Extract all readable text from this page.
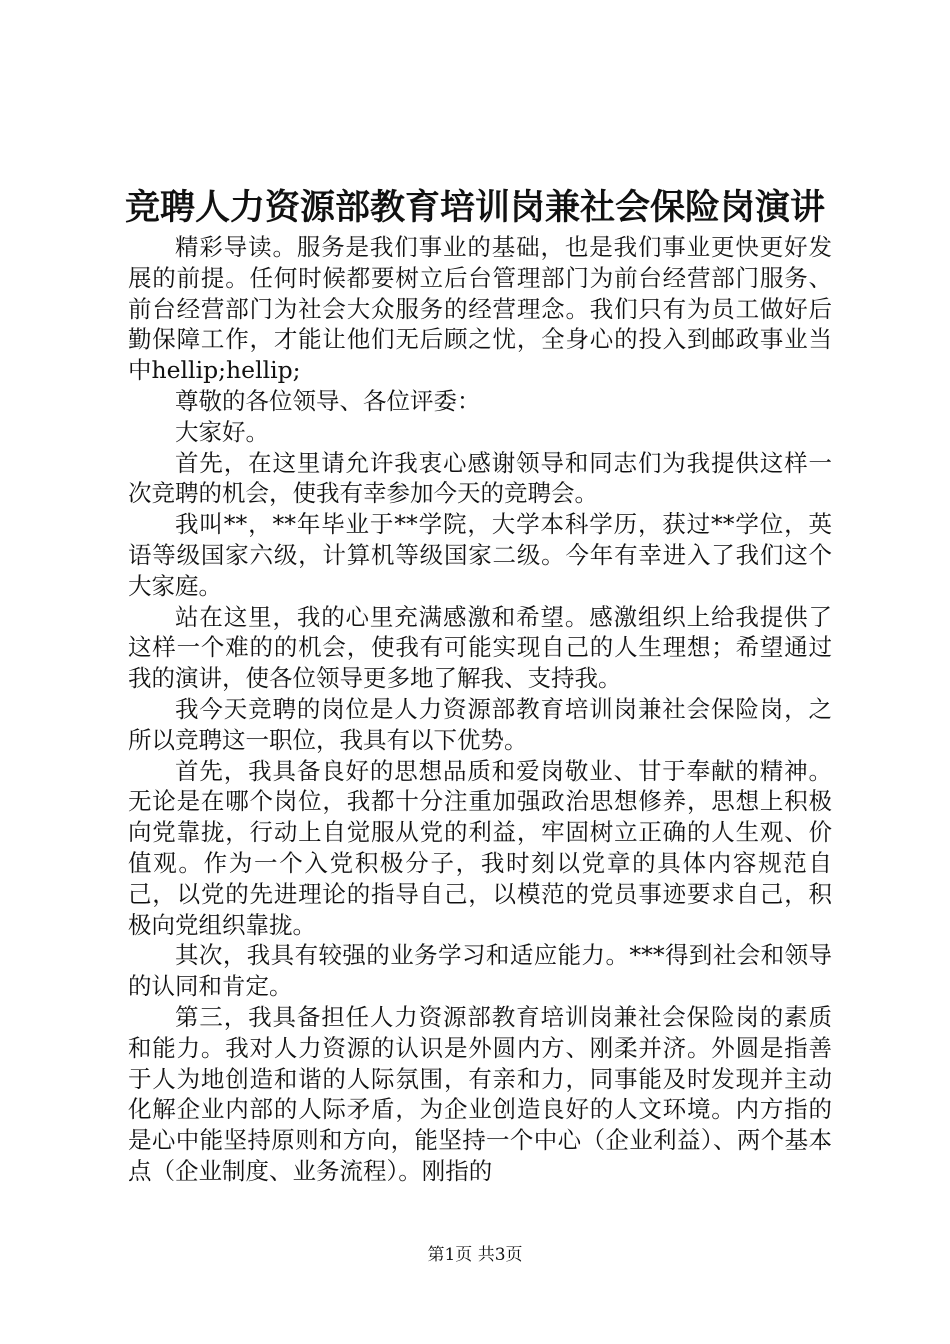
竞聘人力资源部教育培训岗兼社会保险岗演讲

精彩导读。服务是我们事业的基础，也是我们事业更快更好发展的前提。任何时候都要树立后台管理部门为前台经营部门服务、前台经营部门为社会大众服务的经营理念。我们只有为员工做好后勤保障工作，才能让他们无后顾之忧，全身心的投入到邮政事业当中hellip;hellip;

尊敬的各位领导、各位评委：

大家好。

首先，在这里请允许我衷心感谢领导和同志们为我提供这样一次竞聘的机会，使我有幸参加今天的竞聘会。

我叫**，**年毕业于**学院，大学本科学历，获过**学位，英语等级国家六级，计算机等级国家二级。今年有幸进入了我们这个大家庭。

站在这里，我的心里充满感激和希望。感激组织上给我提供了这样一个难的的机会，使我有可能实现自己的人生理想；希望通过我的演讲，使各位领导更多地了解我、支持我。

我今天竞聘的岗位是人力资源部教育培训岗兼社会保险岗，之所以竞聘这一职位，我具有以下优势。

首先，我具备良好的思想品质和爱岗敬业、甘于奉献的精神。无论是在哪个岗位，我都十分注重加强政治思想修养，思想上积极向党靠拢，行动上自觉服从党的利益，牢固树立正确的人生观、价值观。作为一个入党积极分子，我时刻以党章的具体内容规范自己，以党的先进理论的指导自己，以模范的党员事迹要求自己，积极向党组织靠拢。

其次，我具有较强的业务学习和适应能力。***得到社会和领导的认同和肯定。

第三，我具备担任人力资源部教育培训岗兼社会保险岗的素质和能力。我对人力资源的认识是外圆内方、刚柔并济。外圆是指善于人为地创造和谐的人际氛围，有亲和力，同事能及时发现并主动化解企业内部的人际矛盾，为企业创造良好的人文环境。内方指的是心中能坚持原则和方向，能坚持一个中心（企业利益）、两个基本点（企业制度、业务流程）。刚指的

第1页 共3页
